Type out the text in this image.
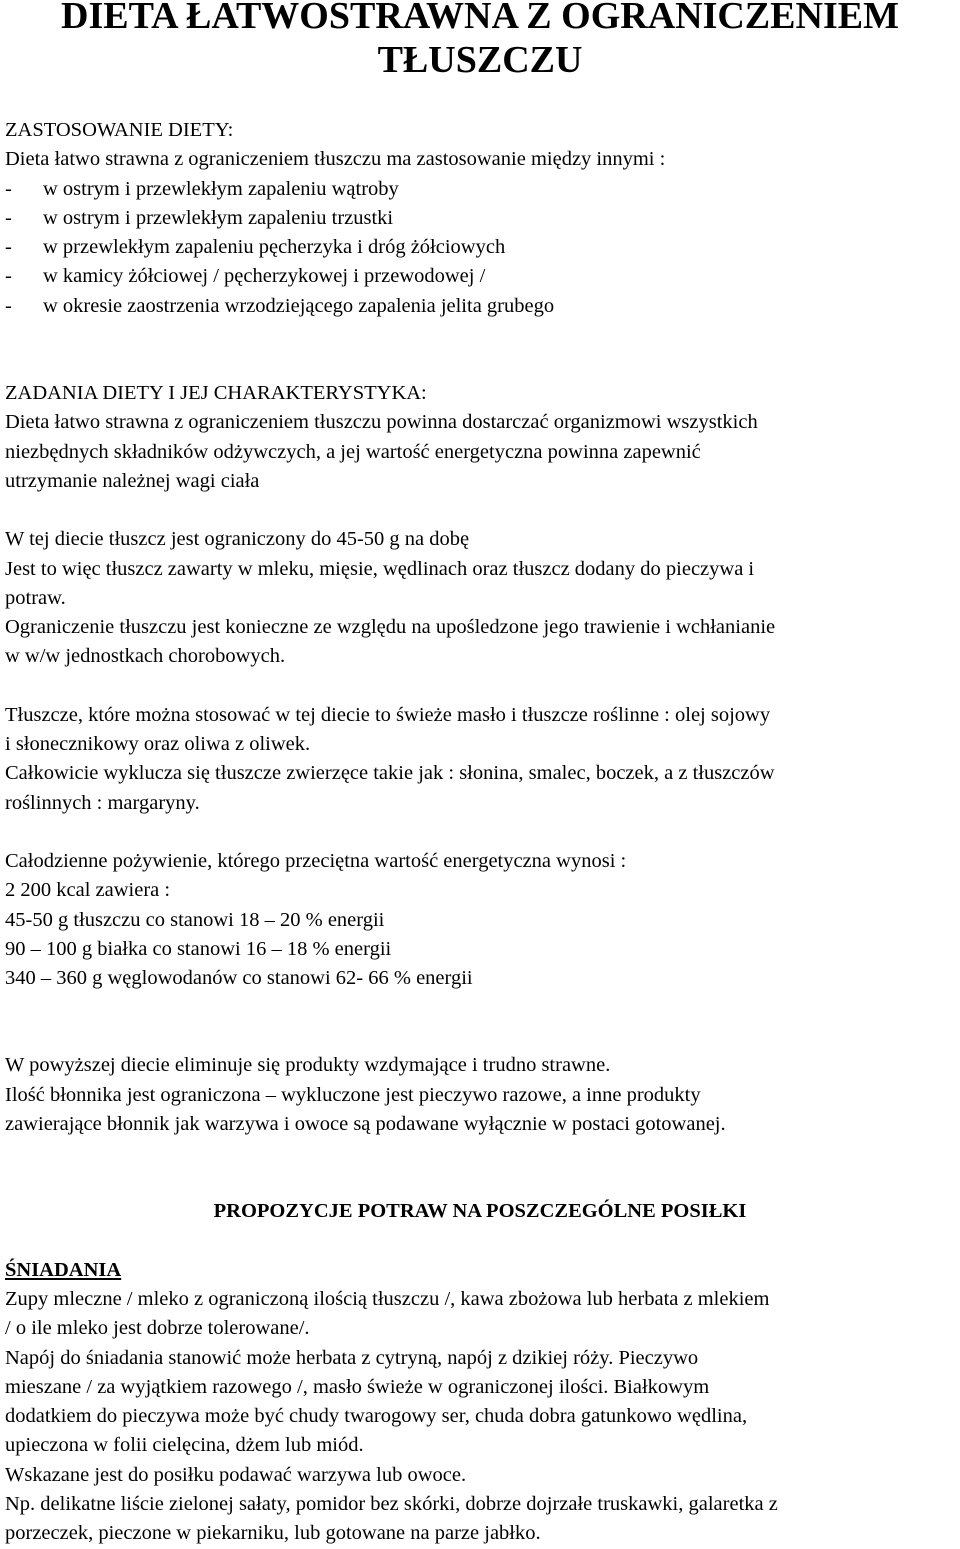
DIETA ŁATWOSTRAWNA Z OGRANICZENIEM
TŁUSZCZU
ZASTOSOWANIE DIETY:
Dieta łatwo strawna z ograniczeniem tłuszczu ma zastosowanie między innymi :
- w ostrym i przewlekłym zapaleniu wątroby
- w ostrym i przewlekłym zapaleniu trzustki
- w przewlekłym zapaleniu pęcherzyka i dróg żółciowych
- w kamicy żółciowej / pęcherzykowej i przewodowej /
- w okresie zaostrzenia wrzodziejącego zapalenia jelita grubego
ZADANIA DIETY I JEJ CHARAKTERYSTYKA:
Dieta łatwo strawna z ograniczeniem tłuszczu powinna dostarczać organizmowi wszystkich
niezbędnych składników odżywczych, a jej wartość energetyczna powinna zapewnić
utrzymanie należnej wagi ciała
W tej diecie tłuszcz jest ograniczony do 45-50 g na dobę
Jest to więc tłuszcz zawarty w mleku, mięsie, wędlinach oraz tłuszcz dodany do pieczywa i
potraw.
Ograniczenie tłuszczu jest konieczne ze względu na upośledzone jego trawienie i wchłanianie
w w/w jednostkach chorobowych.
Tłuszcze, które można stosować w tej diecie to świeże masło i tłuszcze roślinne : olej sojowy
i słonecznikowy oraz oliwa z oliwek.
Całkowicie wyklucza się tłuszcze zwierzęce takie jak : słonina, smalec, boczek, a z tłuszczów
roślinnych : margaryny.
Całodzienne pożywienie, którego przeciętna wartość energetyczna wynosi :
2 200 kcal zawiera :
45-50 g tłuszczu co stanowi 18 – 20 % energii
90 – 100 g białka co stanowi 16 – 18 % energii
340 – 360 g węglowodanów co stanowi 62- 66 % energii
W powyższej diecie eliminuje się produkty wzdymające i trudno strawne.
Ilość błonnika jest ograniczona – wykluczone jest pieczywo razowe, a inne produkty
zawierające błonnik jak warzywa i owoce są podawane wyłącznie w postaci gotowanej.
PROPOZYCJE POTRAW NA POSZCZEGÓLNE POSIŁKI
ŚNIADANIA
Zupy mleczne / mleko z ograniczoną ilością tłuszczu /, kawa zbożowa lub herbata z mlekiem
/ o ile mleko jest dobrze tolerowane/.
Napój do śniadania stanowić może herbata z cytryną, napój z dzikiej róży. Pieczywo
mieszane / za wyjątkiem razowego /, masło świeże w ograniczonej ilości. Białkowym
dodatkiem do pieczywa może być chudy twarogowy ser, chuda dobra gatunkowo wędlina,
upieczona w folii cielęcina, dżem lub miód.
Wskazane jest do posiłku podawać warzywa lub owoce.
Np. delikatne liście zielonej sałaty, pomidor bez skórki, dobrze dojrzałe truskawki, galaretka z
porzeczek, pieczone w piekarniku, lub gotowane na parze jabłko.
